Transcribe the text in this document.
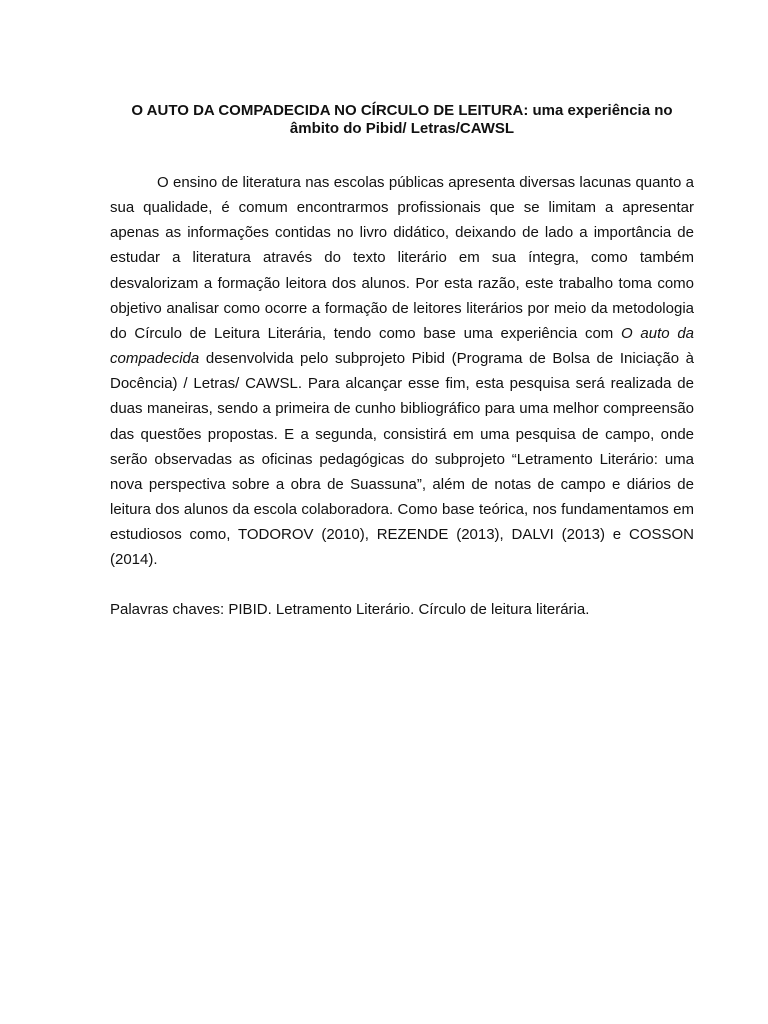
O AUTO DA COMPADECIDA NO CÍRCULO DE LEITURA: uma experiência no âmbito do Pibid/ Letras/CAWSL

O ensino de literatura nas escolas públicas apresenta diversas lacunas quanto a sua qualidade, é comum encontrarmos profissionais que se limitam a apresentar apenas as informações contidas no livro didático, deixando de lado a importância de estudar a literatura através do texto literário em sua íntegra, como também desvalorizam a formação leitora dos alunos. Por esta razão, este trabalho toma como objetivo analisar como ocorre a formação de leitores literários por meio da metodologia do Círculo de Leitura Literária, tendo como base uma experiência com O auto da compadecida desenvolvida pelo subprojeto Pibid (Programa de Bolsa de Iniciação à Docência) / Letras/ CAWSL. Para alcançar esse fim, esta pesquisa será realizada de duas maneiras, sendo a primeira de cunho bibliográfico para uma melhor compreensão das questões propostas. E a segunda, consistirá em uma pesquisa de campo, onde serão observadas as oficinas pedagógicas do subprojeto “Letramento Literário: uma nova perspectiva sobre a obra de Suassuna”, além de notas de campo e diários de leitura dos alunos da escola colaboradora. Como base teórica, nos fundamentamos em estudiosos como, TODOROV (2010), REZENDE (2013), DALVI (2013) e COSSON (2014).

Palavras chaves: PIBID. Letramento Literário. Círculo de leitura literária.
